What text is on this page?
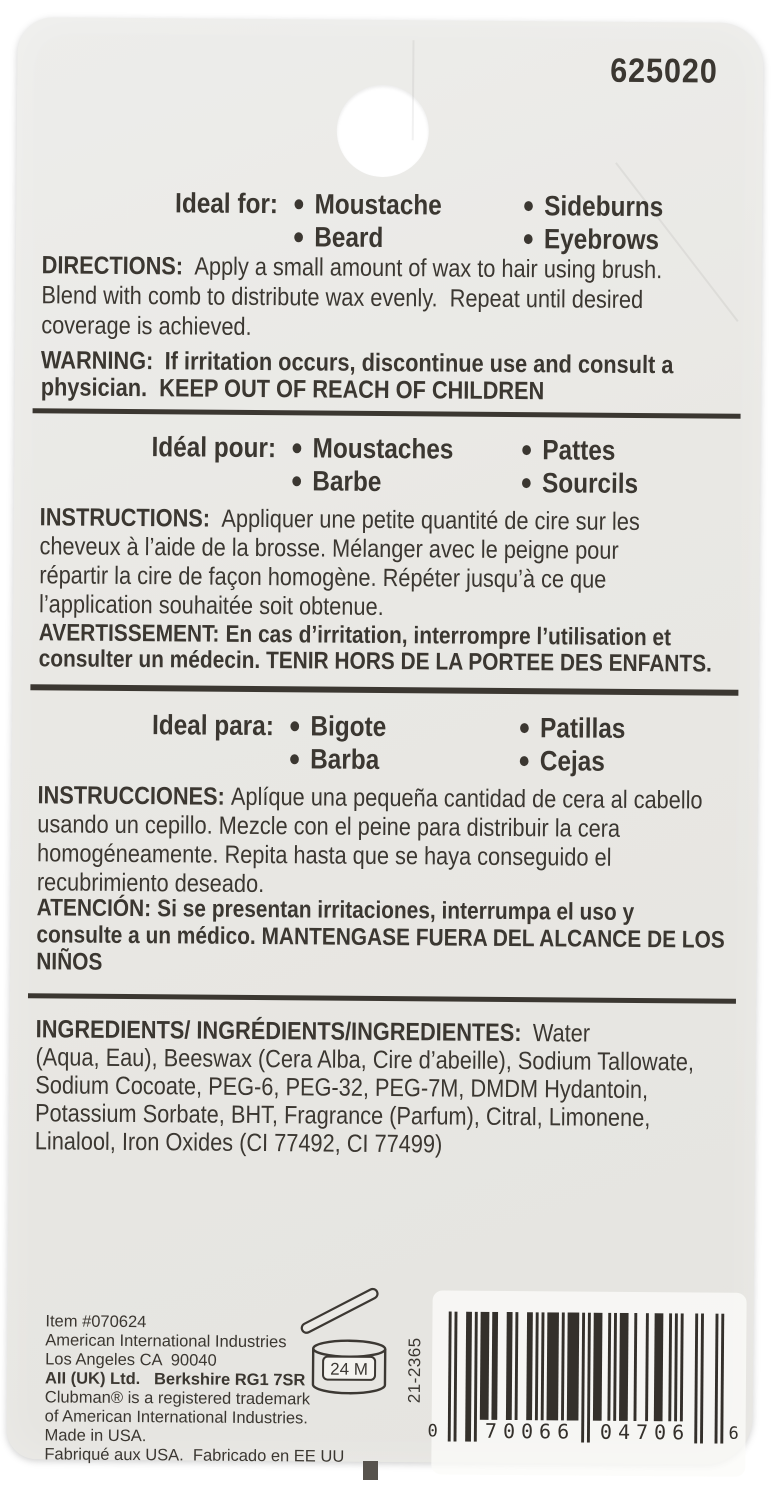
625020
Ideal for: Moustache
Beard
Sideburns
Eyebrows
DIRECTIONS: Apply a small amount of wax to hair using brush.
Blend with comb to distribute wax evenly.  Repeat until desired
coverage is achieved.
WARNING: If irritation occurs, discontinue use and consult a
physician.  KEEP OUT OF REACH OF CHILDREN
Idéal pour: Moustaches
Barbe
Pattes
Sourcils
INSTRUCTIONS: Appliquer une petite quantité de cire sur les
cheveux à l’aide de la brosse. Mélanger avec le peigne pour
répartir la cire de façon homogène. Répéter jusqu’à ce que
l’application souhaitée soit obtenue.
AVERTISSEMENT: En cas d’irritation, interrompre l’utilisation et
consulter un médecin. TENIR HORS DE LA PORTEE DES ENFANTS.
Ideal para: Bigote
Barba
Patillas
Cejas
INSTRUCCIONES: Aplíque una pequeña cantidad de cera al cabello
usando un cepillo. Mezcle con el peine para distribuir la cera
homogéneamente. Repita hasta que se haya conseguido el
recubrimiento deseado.
ATENCIÓN: Si se presentan irritaciones, interrumpa el uso y
consulte a un médico. MANTENGASE FUERA DEL ALCANCE DE LOS
NIÑOS
INGREDIENTS/ INGRÉDIENTS/INGREDIENTES: Water
(Aqua, Eau), Beeswax (Cera Alba, Cire d’abeille), Sodium Tallowate,
Sodium Cocoate, PEG-6, PEG-32, PEG-7M, DMDM Hydantoin,
Potassium Sorbate, BHT, Fragrance (Parfum), Citral, Limonene,
Linalool, Iron Oxides (CI 77492, CI 77499)
Item #070624
American International Industries
Los Angeles CA  90040
AII (UK) Ltd.   Berkshire RG1 7SR
Clubman® is a registered trademark
of American International Industries.
Made in USA.
Fabriqué aux USA.  Fabricado en EE UU
24 M 21-2365
0	70066	04706 6
